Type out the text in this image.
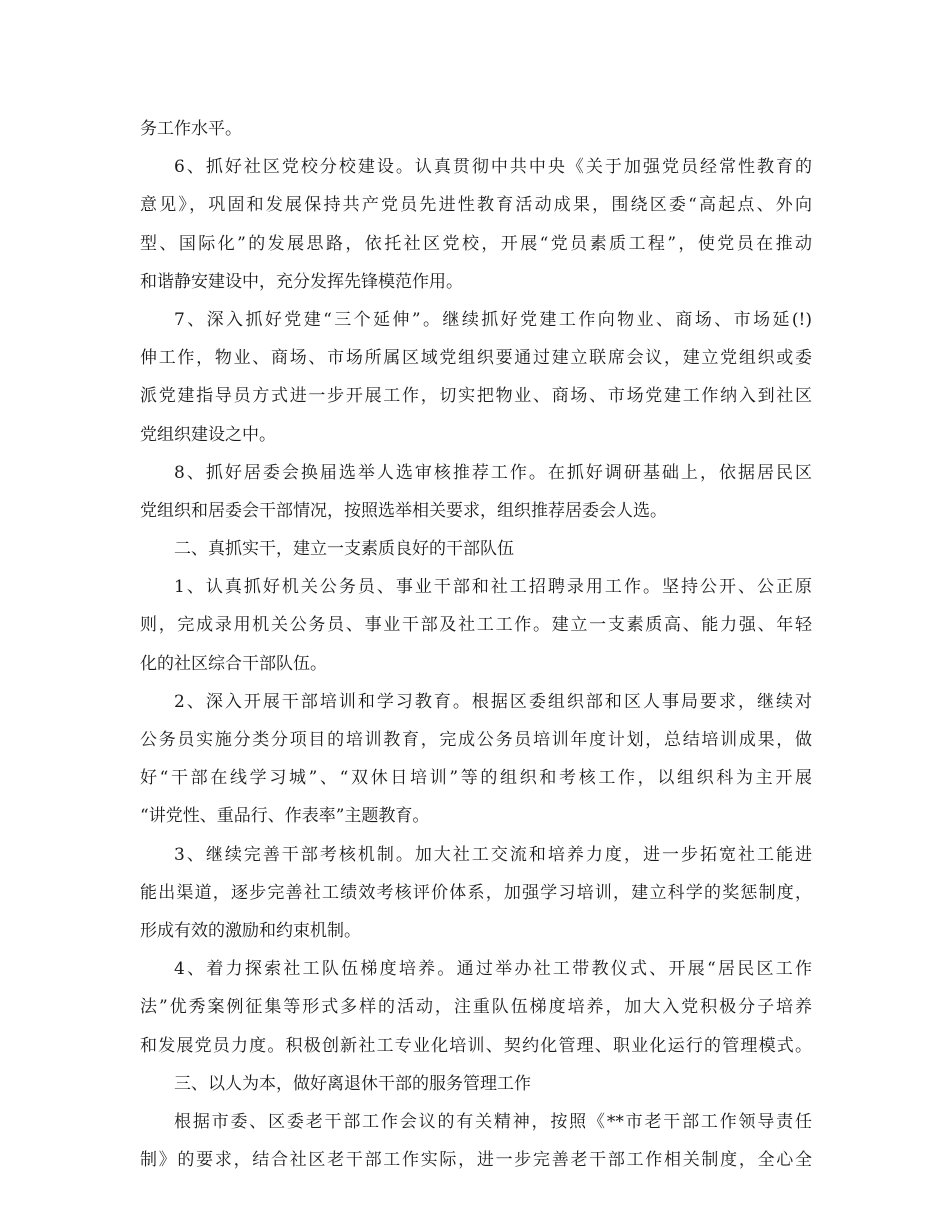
务工作水平。
6、抓好社区党校分校建设。认真贯彻中共中央《关于加强党员经常性教育的
意见》，巩固和发展保持共产党员先进性教育活动成果，围绕区委“高起点、外向
型、国际化”的发展思路，依托社区党校，开展“党员素质工程”，使党员在推动
和谐静安建设中，充分发挥先锋模范作用。
7、深入抓好党建“三个延伸”。继续抓好党建工作向物业、商场、市场延(!)
伸工作，物业、商场、市场所属区域党组织要通过建立联席会议，建立党组织或委
派党建指导员方式进一步开展工作，切实把物业、商场、市场党建工作纳入到社区
党组织建设之中。
8、抓好居委会换届选举人选审核推荐工作。在抓好调研基础上，依据居民区
党组织和居委会干部情况，按照选举相关要求，组织推荐居委会人选。
二、真抓实干，建立一支素质良好的干部队伍
1、认真抓好机关公务员、事业干部和社工招聘录用工作。坚持公开、公正原
则，完成录用机关公务员、事业干部及社工工作。建立一支素质高、能力强、年轻
化的社区综合干部队伍。
2、深入开展干部培训和学习教育。根据区委组织部和区人事局要求，继续对
公务员实施分类分项目的培训教育，完成公务员培训年度计划，总结培训成果，做
好“干部在线学习城”、“双休日培训”等的组织和考核工作，以组织科为主开展
“讲党性、重品行、作表率”主题教育。
3、继续完善干部考核机制。加大社工交流和培养力度，进一步拓宽社工能进
能出渠道，逐步完善社工绩效考核评价体系，加强学习培训，建立科学的奖惩制度，
形成有效的激励和约束机制。
4、着力探索社工队伍梯度培养。通过举办社工带教仪式、开展“居民区工作
法”优秀案例征集等形式多样的活动，注重队伍梯度培养，加大入党积极分子培养
和发展党员力度。积极创新社工专业化培训、契约化管理、职业化运行的管理模式。
三、以人为本，做好离退休干部的服务管理工作
根据市委、区委老干部工作会议的有关精神，按照《**市老干部工作领导责任
制》的要求，结合社区老干部工作实际，进一步完善老干部工作相关制度，全心全
